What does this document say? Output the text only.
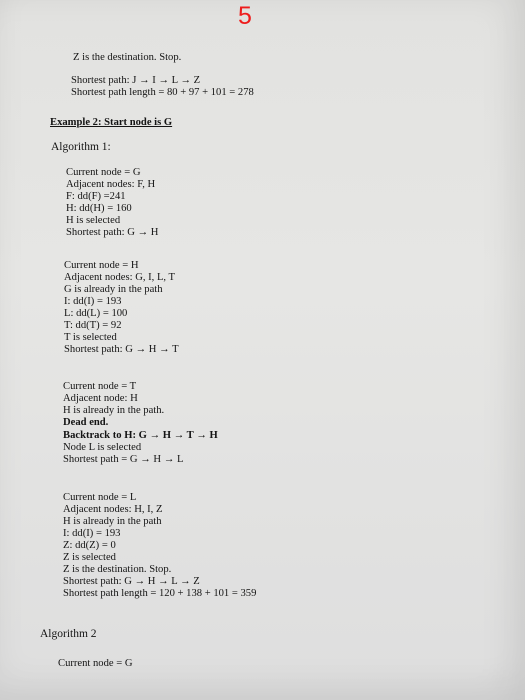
5
Z is the destination. Stop.
Shortest path: J → I → L → Z
Shortest path length = 80 + 97 + 101 = 278
Example 2: Start node is G
Algorithm 1:
Current node = G
Adjacent nodes: F, H
F: dd(F) =241
H: dd(H) = 160
H is selected
Shortest path: G → H
Current node = H
Adjacent nodes: G, I, L, T
G is already in the path
I: dd(I) = 193
L: dd(L) = 100
T: dd(T) = 92
T is selected
Shortest path: G → H → T
Current node = T
Adjacent node: H
H is already in the path.
Dead end.
Backtrack to H: G → H → T → H
Node L is selected
Shortest path = G → H → L
Current node = L
Adjacent nodes: H, I, Z
H is already in the path
I: dd(I) = 193
Z: dd(Z) = 0
Z is selected
Z is the destination. Stop.
Shortest path: G → H → L → Z
Shortest path length = 120 + 138 + 101 = 359
Algorithm 2
Current node = G
